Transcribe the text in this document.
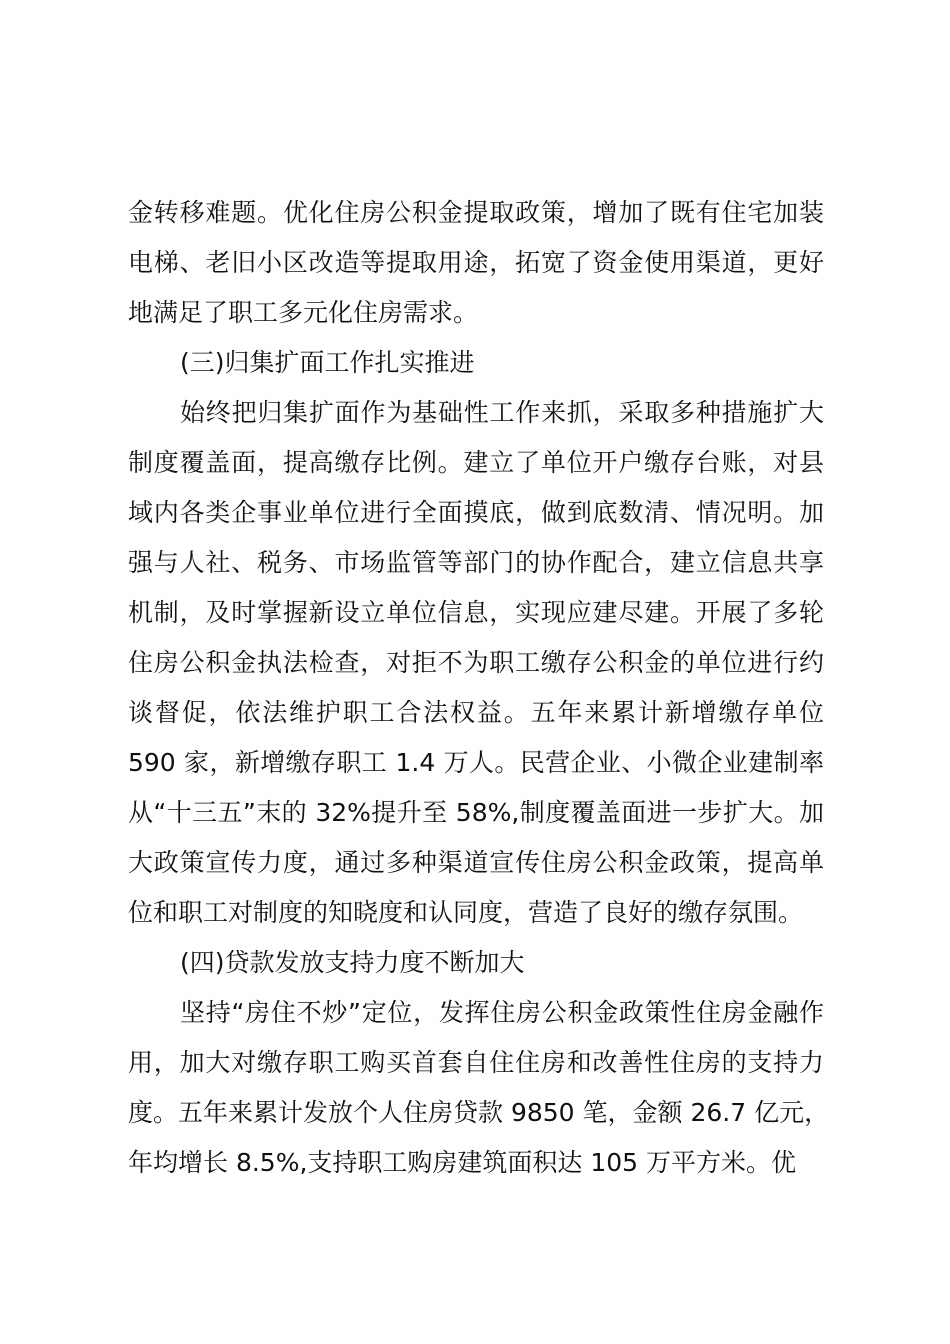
金转移难题。优化住房公积金提取政策，增加了既有住宅加装
电梯、老旧小区改造等提取用途，拓宽了资金使用渠道，更好
地满足了职工多元化住房需求。
(三)归集扩面工作扎实推进
始终把归集扩面作为基础性工作来抓，采取多种措施扩大
制度覆盖面，提高缴存比例。建立了单位开户缴存台账，对县
域内各类企事业单位进行全面摸底，做到底数清、情况明。加
强与人社、税务、市场监管等部门的协作配合，建立信息共享
机制，及时掌握新设立单位信息，实现应建尽建。开展了多轮
住房公积金执法检查，对拒不为职工缴存公积金的单位进行约
谈督促，依法维护职工合法权益。五年来累计新增缴存单位
590 家，新增缴存职工 1.4 万人。民营企业、小微企业建制率
从“十三五”末的 32%提升至 58%,制度覆盖面进一步扩大。加
大政策宣传力度，通过多种渠道宣传住房公积金政策，提高单
位和职工对制度的知晓度和认同度，营造了良好的缴存氛围。
(四)贷款发放支持力度不断加大
坚持“房住不炒”定位，发挥住房公积金政策性住房金融作
用，加大对缴存职工购买首套自住住房和改善性住房的支持力
度。五年来累计发放个人住房贷款 9850 笔，金额 26.7 亿元，
年均增长 8.5%,支持职工购房建筑面积达 105 万平方米。优
